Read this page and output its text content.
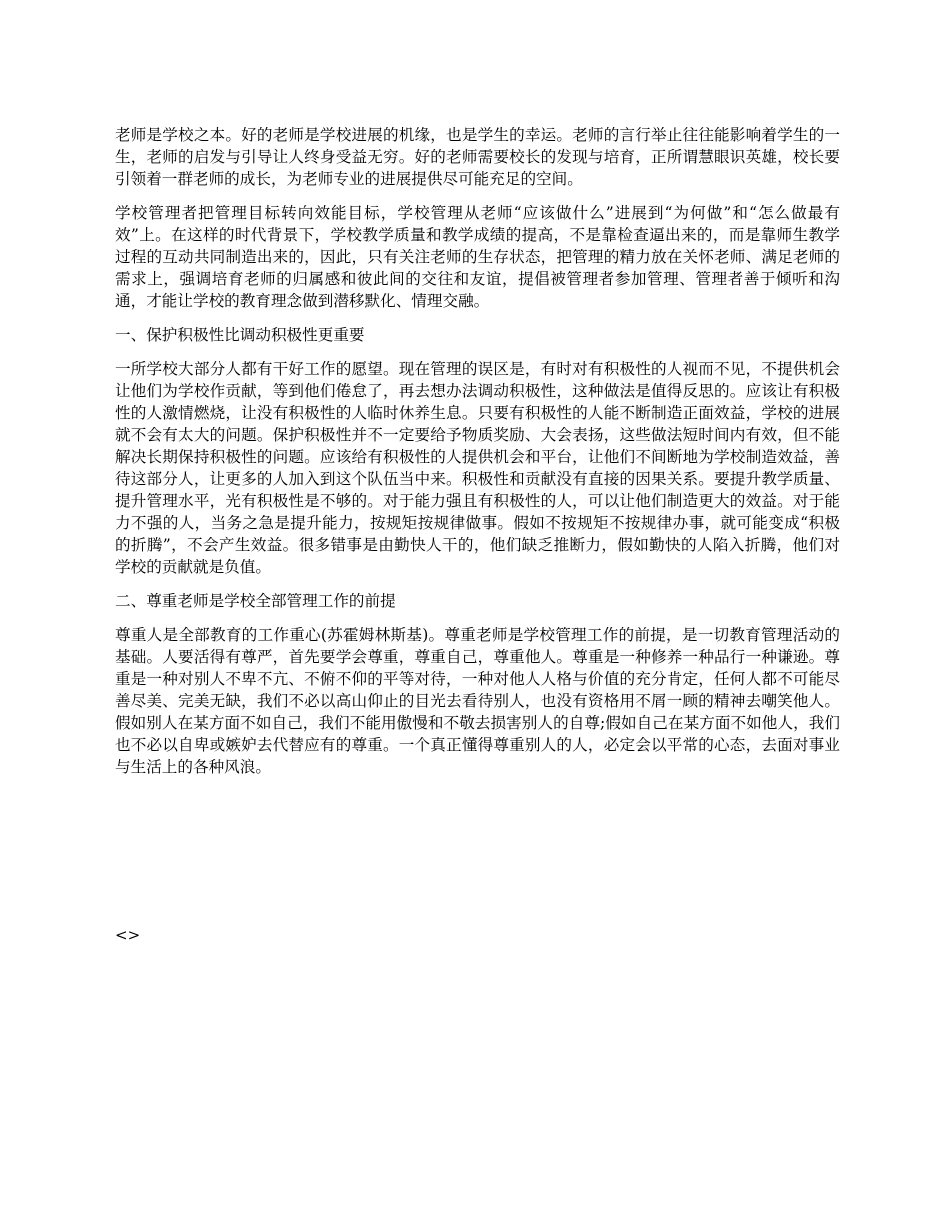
老师是学校之本。好的老师是学校进展的机缘，也是学生的幸运。老师的言行举止往往能影响着学生的一生，老师的启发与引导让人终身受益无穷。好的老师需要校长的发现与培育，正所谓慧眼识英雄，校长要引领着一群老师的成长，为老师专业的进展提供尽可能充足的空间。

学校管理者把管理目标转向效能目标，学校管理从老师“应该做什么”进展到“为何做”和“怎么做最有效”上。在这样的时代背景下，学校教学质量和教学成绩的提高，不是靠检查逼出来的，而是靠师生教学过程的互动共同制造出来的，因此，只有关注老师的生存状态，把管理的精力放在关怀老师、满足老师的需求上，强调培育老师的归属感和彼此间的交往和友谊，提倡被管理者参加管理、管理者善于倾听和沟通，才能让学校的教育理念做到潜移默化、情理交融。

一、保护积极性比调动积极性更重要

一所学校大部分人都有干好工作的愿望。现在管理的误区是，有时对有积极性的人视而不见，不提供机会让他们为学校作贡献，等到他们倦怠了，再去想办法调动积极性，这种做法是值得反思的。应该让有积极性的人激情燃烧，让没有积极性的人临时休养生息。只要有积极性的人能不断制造正面效益，学校的进展就不会有太大的问题。保护积极性并不一定要给予物质奖励、大会表扬，这些做法短时间内有效，但不能解决长期保持积极性的问题。应该给有积极性的人提供机会和平台，让他们不间断地为学校制造效益，善待这部分人，让更多的人加入到这个队伍当中来。积极性和贡献没有直接的因果关系。要提升教学质量、提升管理水平，光有积极性是不够的。对于能力强且有积极性的人，可以让他们制造更大的效益。对于能力不强的人，当务之急是提升能力，按规矩按规律做事。假如不按规矩不按规律办事，就可能变成“积极的折腾”，不会产生效益。很多错事是由勤快人干的，他们缺乏推断力，假如勤快的人陷入折腾，他们对学校的贡献就是负值。

二、尊重老师是学校全部管理工作的前提

尊重人是全部教育的工作重心(苏霍姆林斯基)。尊重老师是学校管理工作的前提，是一切教育管理活动的基础。人要活得有尊严，首先要学会尊重，尊重自己，尊重他人。尊重是一种修养一种品行一种谦逊。尊重是一种对别人不卑不亢、不俯不仰的平等对待，一种对他人人格与价值的充分肯定，任何人都不可能尽善尽美、完美无缺，我们不必以高山仰止的目光去看待别人，也没有资格用不屑一顾的精神去嘲笑他人。假如别人在某方面不如自己，我们不能用傲慢和不敬去损害别人的自尊;假如自己在某方面不如他人，我们也不必以自卑或嫉妒去代替应有的尊重。一个真正懂得尊重别人的人，必定会以平常的心态，去面对事业与生活上的各种风浪。

<>
